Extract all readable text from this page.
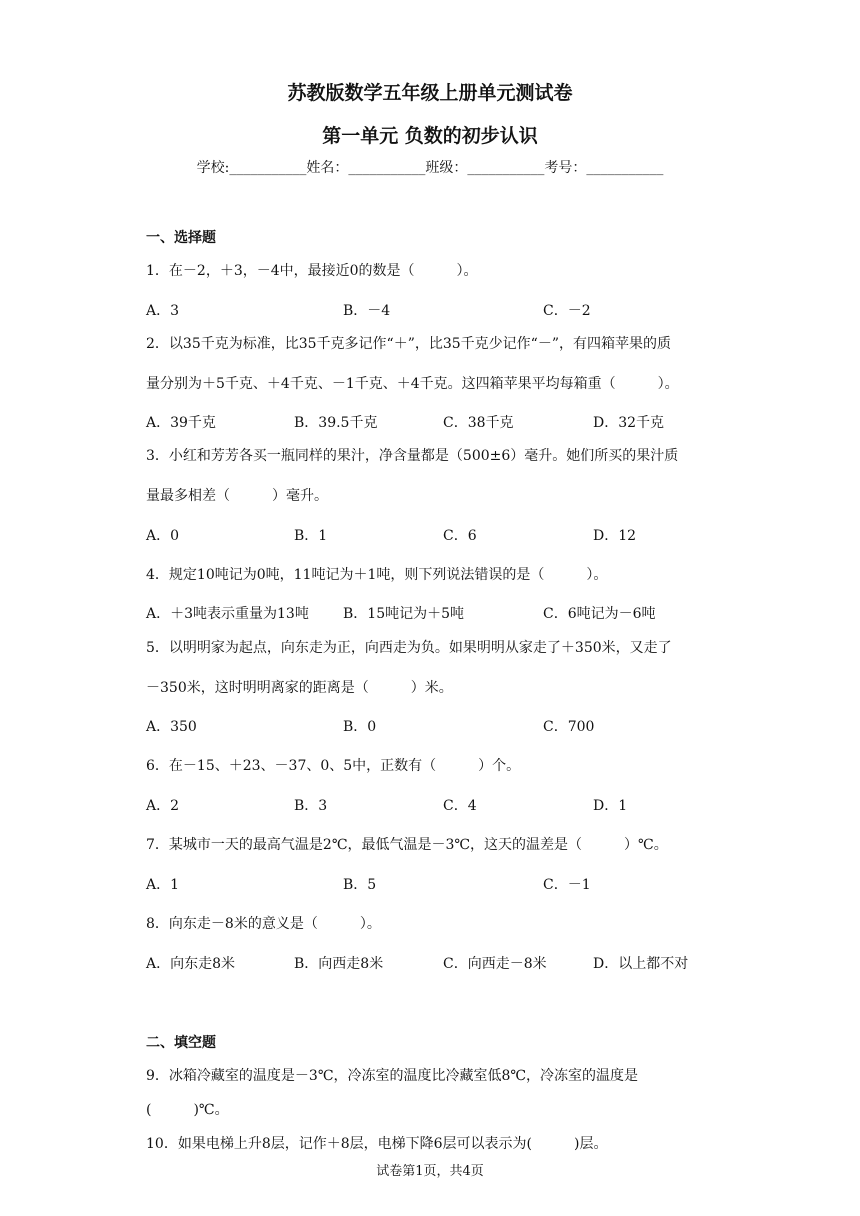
苏教版数学五年级上册单元测试卷
第一单元 负数的初步认识
学校:___________姓名：___________班级：___________考号：___________
一、选择题
1．在－2，＋3，－4中，最接近0的数是（　　　）。
A．3	B．－4	C．－2
2．以35千克为标准，比35千克多记作“＋”，比35千克少记作“－”，有四箱苹果的质
量分别为＋5千克、＋4千克、－1千克、＋4千克。这四箱苹果平均每箱重（　　　）。
A．39千克	B．39.5千克	C．38千克	D．32千克
3．小红和芳芳各买一瓶同样的果汁，净含量都是（500±6）毫升。她们所买的果汁质
量最多相差（　　　）毫升。
A．0	B．1	C．6	D．12
4．规定10吨记为0吨，11吨记为＋1吨，则下列说法错误的是（　　　）。
A．＋3吨表示重量为13吨 B．15吨记为＋5吨	C．6吨记为－6吨
5．以明明家为起点，向东走为正，向西走为负。如果明明从家走了＋350米，又走了
－350米，这时明明离家的距离是（　　　）米。
A．350	B．0	C．700
6．在－15、＋23、－37、0、5中，正数有（　　　）个。
A．2	B．3	C．4	D．1
7．某城市一天的最高气温是2℃，最低气温是－3℃，这天的温差是（　　　）℃。
A．1	B．5	C．－1
8．向东走－8米的意义是（　　　）。
A．向东走8米	B．向西走8米	C．向西走－8米	D．以上都不对
二、填空题
9．冰箱冷藏室的温度是－3℃，冷冻室的温度比冷藏室低8℃，冷冻室的温度是
(　　　)℃。
10．如果电梯上升8层，记作＋8层，电梯下降6层可以表示为(　　　)层。
试卷第1页，共4页
